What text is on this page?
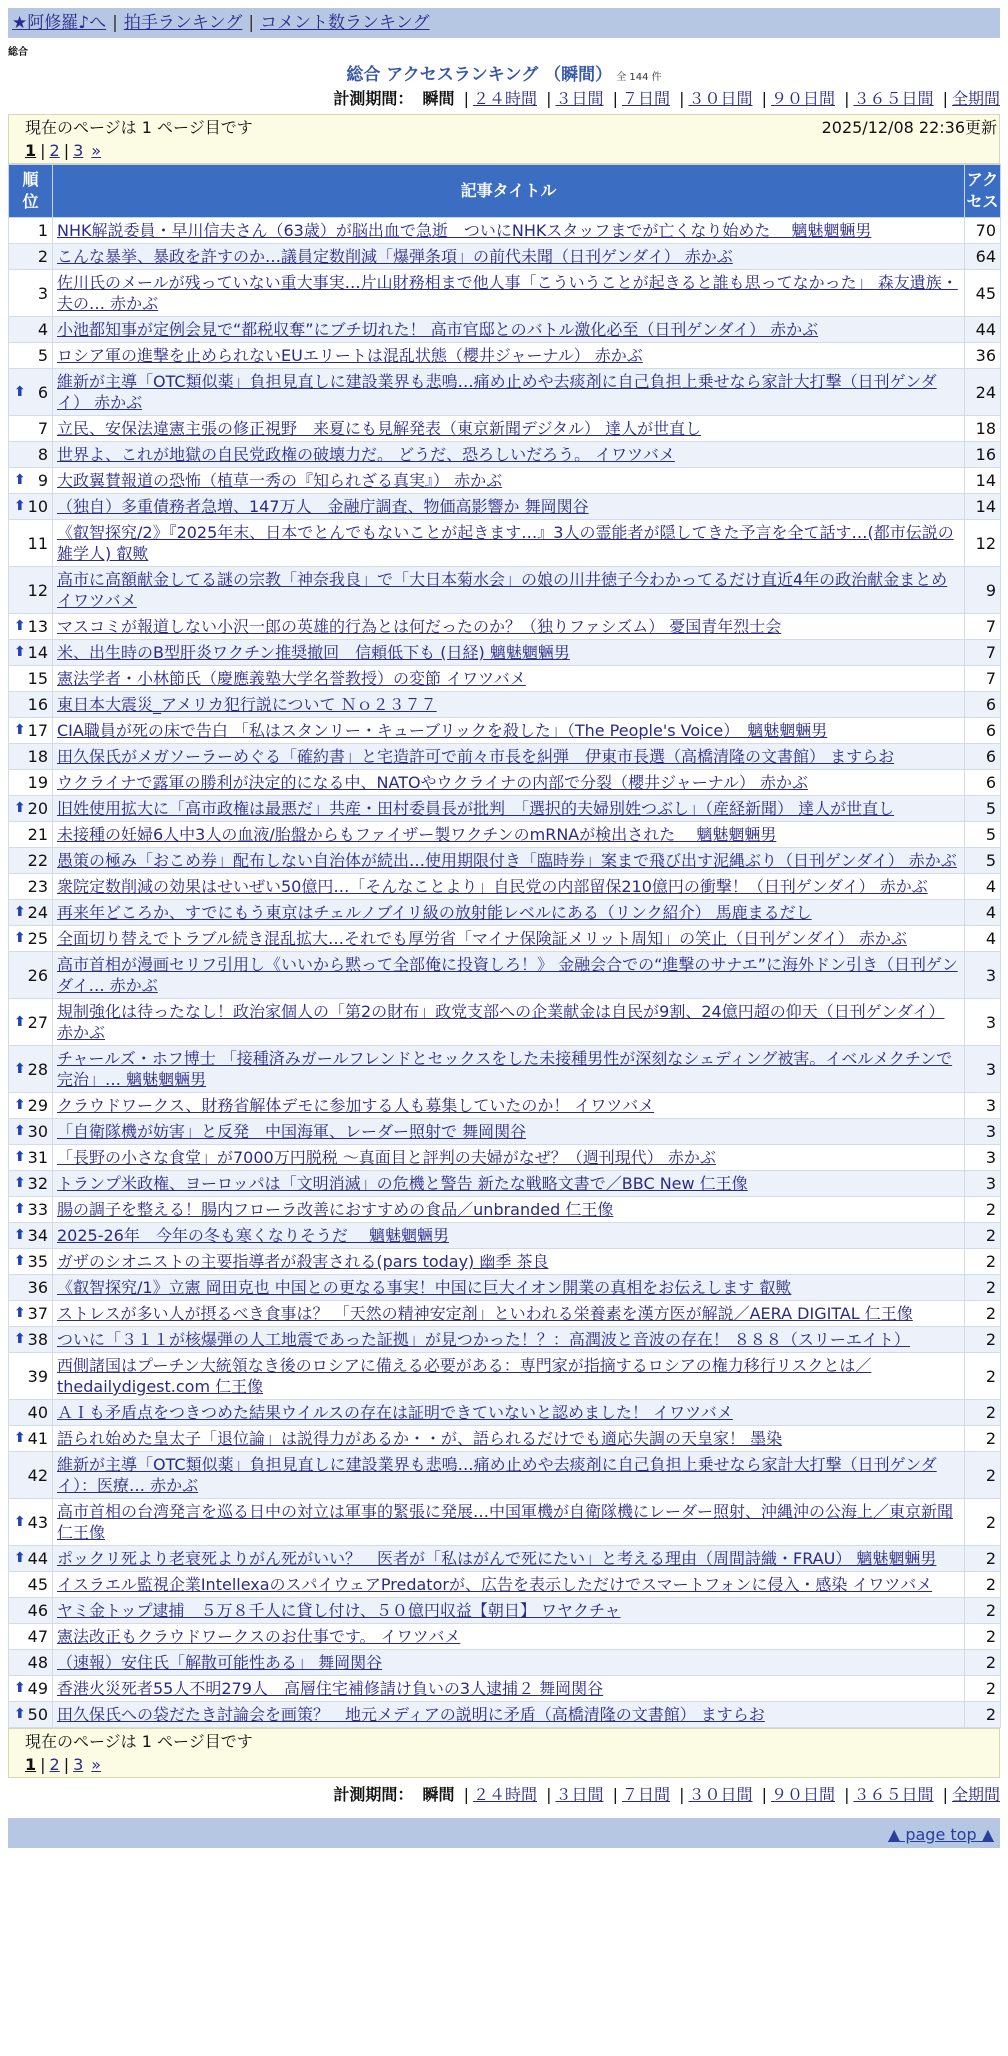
★阿修羅♪へ | 拍手ランキング | コメント数ランキング
総合
総合 アクセスランキング （瞬間） 全 144 件
計測期間： 瞬間 | ２４時間 | ３日間 | ７日間 | ３０日間 | ９０日間 | ３６５日間 | 全期間
現在のページは 1 ページ目です	2025/12/08 22:36更新
1 | 2 | 3 »
順位	記事タイトル	アクセス

1	NHK解説委員・早川信夫さん（63歳）が脳出血で急逝　ついにNHKスタッフまでが亡くなり始めた　 魑魅魍魎男	70
2	こんな暴挙、暴政を許すのか…議員定数削減「爆弾条項」の前代未聞（日刊ゲンダイ） 赤かぶ	64
3	佐川氏のメールが残っていない重大事実…片山財務相まで他人事「こういうことが起きると誰も思ってなかった」 森友遺族・夫の… 赤かぶ	45
4	小池都知事が定例会見で“都税収奪”にブチ切れた！ 高市官邸とのバトル激化必至（日刊ゲンダイ） 赤かぶ	44
5	ロシア軍の進撃を止められないEUエリートは混乱状態（櫻井ジャーナル） 赤かぶ	36

⬆ 6	維新が主導「OTC類似薬」負担見直しに建設業界も悲鳴…痛め止めや去痰剤に自己負担上乗せなら家計大打撃（日刊ゲンダイ） 赤かぶ	24
7	立民、安保法違憲主張の修正視野　来夏にも見解発表（東京新聞デジタル） 達人が世直し	18
8	世界よ、これが地獄の自民党政権の破壊力だ。 どうだ、恐ろしいだろう。 イワツバメ	16

⬆ 9	大政翼賛報道の恐怖（植草一秀の『知られざる真実』） 赤かぶ	14

⬆ 10	（独自）多重債務者急増、147万人　金融庁調査、物価高影響か 舞岡関谷	14
11	《叡智探究/2》『2025年末、日本でとんでもないことが起きます…』3人の霊能者が隠してきた予言を全て話す…(都市伝説の雑学人) 叡歟	12
12	高市に高額献金してる謎の宗教「神奈我良」で「大日本菊水会」の娘の川井徳子今わかってるだけ直近4年の政治献金まとめ イワツバメ	9

⬆ 13	マスコミが報道しない小沢一郎の英雄的行為とは何だったのか？（独りファシズム） 憂国青年烈士会	7

⬆ 14	米、出生時のB型肝炎ワクチン推奨撤回　信頼低下も (日経) 魑魅魍魎男	7
15	憲法学者・小林節氏（慶應義塾大学名誉教授）の変節 イワツバメ	7
16	東日本大震災_アメリカ犯行説について Ｎｏ２３７７	6

⬆ 17	CIA職員が死の床で告白 「私はスタンリー・キューブリックを殺した」（The People's Voice）　魑魅魍魎男	6
18	田久保氏がメガソーラーめぐる「確約書」と宅造許可で前々市長を糾弾　伊東市長選（高橋清隆の文書館） ますらお	6
19	ウクライナで露軍の勝利が決定的になる中、NATOやウクライナの内部で分裂（櫻井ジャーナル） 赤かぶ	6

⬆ 20	旧姓使用拡大に「高市政権は最悪だ」共産・田村委員長が批判　「選択的夫婦別姓つぶし」（産経新聞） 達人が世直し	5
21	未接種の妊婦6人中3人の血液/胎盤からもファイザー製ワクチンのmRNAが検出された　 魑魅魍魎男	5
22	愚策の極み「おこめ券」配布しない自治体が続出…使用期限付き「臨時券」案まで飛び出す泥縄ぶり（日刊ゲンダイ） 赤かぶ	5
23	衆院定数削減の効果はせいぜい50億円…「そんなことより」自民党の内部留保210億円の衝撃！（日刊ゲンダイ） 赤かぶ	4

⬆ 24	再来年どころか、すでにもう東京はチェルノブイリ級の放射能レベルにある（リンク紹介） 馬鹿まるだし	4

⬆ 25	全面切り替えでトラブル続き混乱拡大…それでも厚労省「マイナ保険証メリット周知」の笑止（日刊ゲンダイ） 赤かぶ	4
26	高市首相が漫画セリフ引用し《いいから黙って全部俺に投資しろ！》 金融会合での“進撃のサナエ”に海外ドン引き（日刊ゲンダイ… 赤かぶ	3

⬆ 27	規制強化は待ったなし！政治家個人の「第2の財布」政党支部への企業献金は自民が9割、24億円超の仰天（日刊ゲンダイ） 赤かぶ	3

⬆ 28	チャールズ・ホフ博士 「接種済みガールフレンドとセックスをした未接種男性が深刻なシェディング被害。イベルメクチンで完治」… 魑魅魍魎男	3

⬆ 29	クラウドワークス、財務省解体デモに参加する人も募集していたのか！ イワツバメ	3

⬆ 30	「自衛隊機が妨害」と反発　中国海軍、レーダー照射で 舞岡関谷	3

⬆ 31	「長野の小さな食堂」が7000万円脱税 ～真面目と評判の夫婦がなぜ？（週刊現代） 赤かぶ	3

⬆ 32	トランプ米政権、ヨーロッパは「文明消滅」の危機と警告 新たな戦略文書で／BBC New 仁王像	3

⬆ 33	腸の調子を整える！腸内フローラ改善におすすめの食品／unbranded 仁王像	2

⬆ 34	2025-26年　今年の冬も寒くなりそうだ　 魑魅魍魎男	2

⬆ 35	ガザのシオニストの主要指導者が殺害される(pars today) 幽季 茶良	2
36	《叡智探究/1》立憲 岡田克也 中国との更なる事実！中国に巨大イオン開業の真相をお伝えします 叡歟	2

⬆ 37	ストレスが多い人が摂るべき食事は？ 「天然の精神安定剤」といわれる栄養素を漢方医が解説／AERA DIGITAL 仁王像	2

⬆ 38	ついに「３１１が核爆弾の人工地震であった証拠」が見つかった！？：高潤波と音波の存在！ ８８８（スリーエイト）	2
39	西側諸国はプーチン大統領なき後のロシアに備える必要がある：専門家が指摘するロシアの権力移行リスクとは／thedailydigest.com 仁王像	2
40	ＡＩも矛盾点をつきつめた結果ウイルスの存在は証明できていないと認めました！ イワツバメ	2

⬆ 41	語られ始めた皇太子「退位論」は説得力があるか・・が、語られるだけでも適応失調の天皇家！ 墨染	2
42	維新が主導「OTC類似薬」負担見直しに建設業界も悲鳴…痛め止めや去痰剤に自己負担上乗せなら家計大打撃（日刊ゲンダイ）：医療… 赤かぶ	2

⬆ 43	高市首相の台湾発言を巡る日中の対立は軍事的緊張に発展…中国軍機が自衛隊機にレーダー照射、沖縄沖の公海上／東京新聞 仁王像	2

⬆ 44	ポックリ死より老衰死よりがん死がいい？　医者が「私はがんで死にたい」と考える理由（周間詩織・FRAU） 魑魅魍魎男	2
45	イスラエル監視企業IntellexaのスパイウェアPredatorが、広告を表示しただけでスマートフォンに侵入・感染 イワツバメ	2
46	ヤミ金トップ逮捕　５万８千人に貸し付け、５０億円収益【朝日】 ワヤクチャ	2
47	憲法改正もクラウドワークスのお仕事です。 イワツバメ	2
48	（速報）安住氏「解散可能性ある」 舞岡関谷	2

⬆ 49	香港火災死者55人不明279人　高層住宅補修請け負いの3人逮捕２ 舞岡関谷	2

⬆ 50	田久保氏への袋だたき討論会を画策？　地元メディアの説明に矛盾（高橋清隆の文書館） ますらお	2
現在のページは 1 ページ目です
1 | 2 | 3 »
計測期間： 瞬間 | ２４時間 | ３日間 | ７日間 | ３０日間 | ９０日間 | ３６５日間 | 全期間
▲ page top ▲
